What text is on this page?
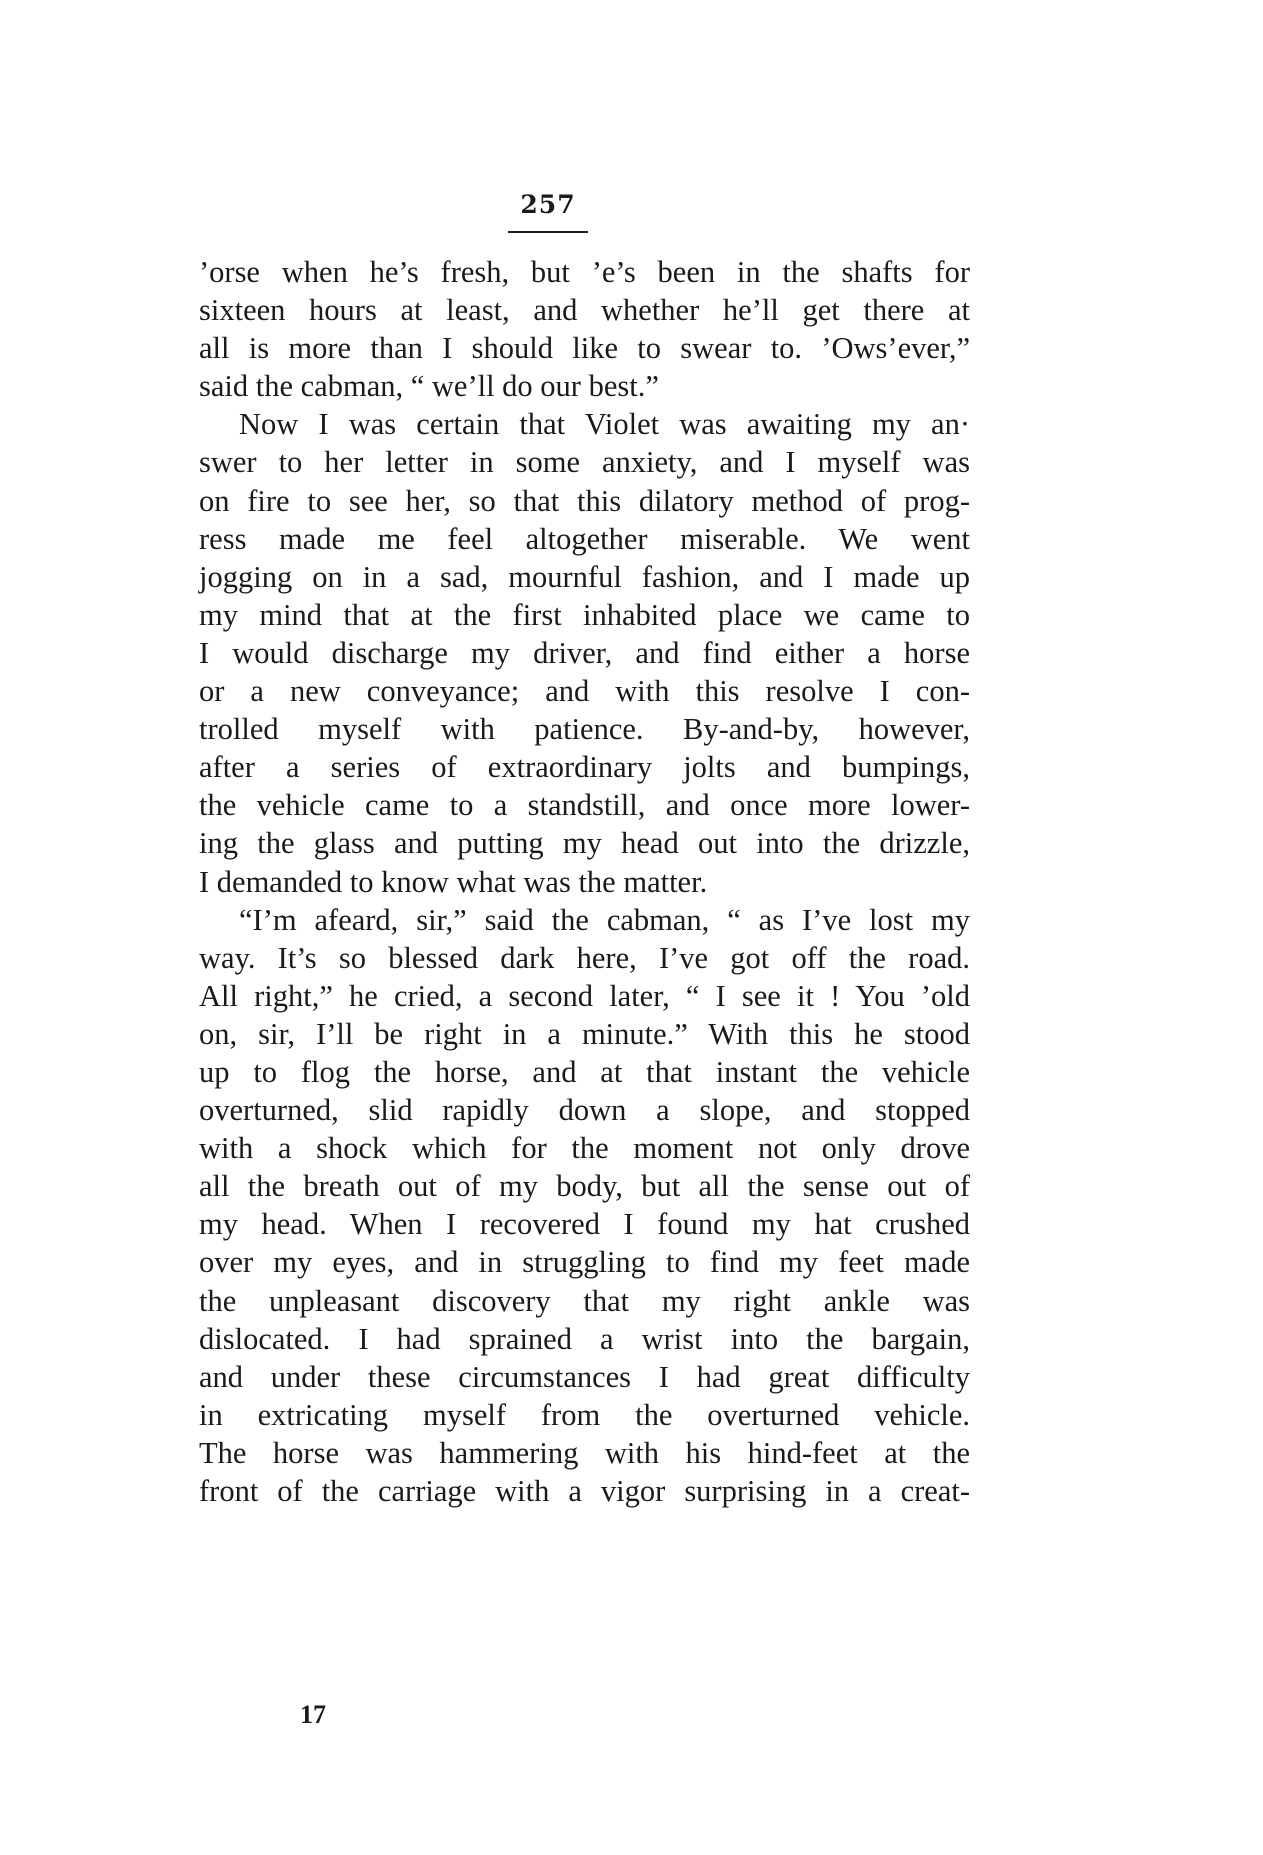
257
’orse when he’s fresh, but ’e’s been in the shafts for
sixteen hours at least, and whether he’ll get there at
all is more than I should like to swear to. ’Ows’ever,”
said the cabman, “ we’ll do our best.”
Now I was certain that Violet was awaiting my an·
swer to her letter in some anxiety, and I myself was
on fire to see her, so that this dilatory method of prog-
ress made me feel altogether miserable. We went
jogging on in a sad, mournful fashion, and I made up
my mind that at the first inhabited place we came to
I would discharge my driver, and find either a horse
or a new conveyance; and with this resolve I con-
trolled myself with patience. By-and-by, however,
after a series of extraordinary jolts and bumpings,
the vehicle came to a standstill, and once more lower-
ing the glass and putting my head out into the drizzle,
I demanded to know what was the matter.
“I’m afeard, sir,” said the cabman, “ as I’ve lost my
way. It’s so blessed dark here, I’ve got off the road.
All right,” he cried, a second later, “ I see it ! You ’old
on, sir, I’ll be right in a minute.” With this he stood
up to flog the horse, and at that instant the vehicle
overturned, slid rapidly down a slope, and stopped
with a shock which for the moment not only drove
all the breath out of my body, but all the sense out of
my head. When I recovered I found my hat crushed
over my eyes, and in struggling to find my feet made
the unpleasant discovery that my right ankle was
dislocated. I had sprained a wrist into the bargain,
and under these circumstances I had great difficulty
in extricating myself from the overturned vehicle.
The horse was hammering with his hind-feet at the
front of the carriage with a vigor surprising in a creat-
17
